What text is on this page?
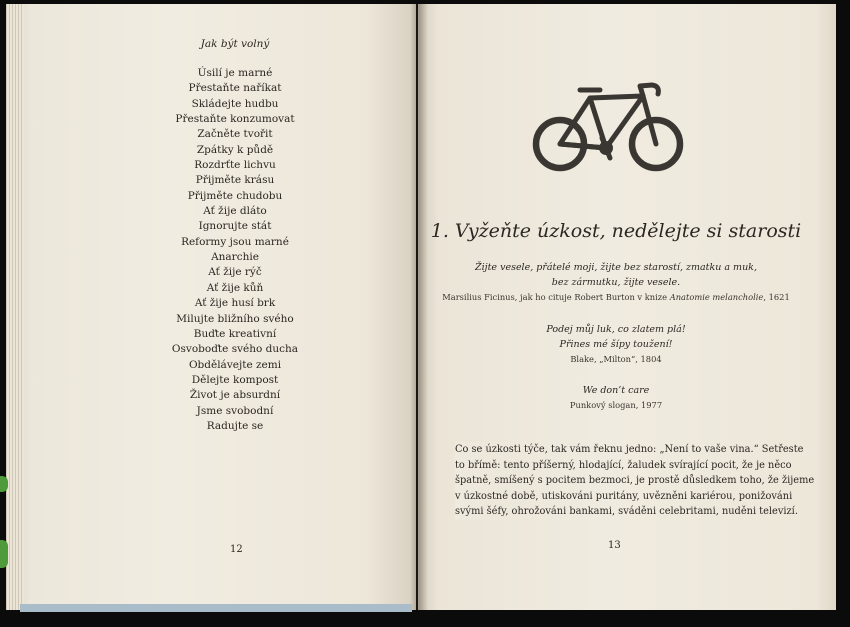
Jak být volný
Úsilí je marné
Přestaňte naříkat
Skládejte hudbu
Přestaňte konzumovat
Začněte tvořit
Zpátky k půdě
Rozdrťte lichvu
Přijměte krásu
Přijměte chudobu
Ať žije dláto
Ignorujte stát
Reformy jsou marné
Anarchie
Ať žije rýč
Ať žije kůň
Ať žije husí brk
Milujte bližního svého
Buďte kreativní
Osvoboďte svého ducha
Obdělávejte zemi
Dělejte kompost
Život je absurdní
Jsme svobodní
Radujte se
12
1. Vyžeňte úzkost, nedělejte si starosti
Žijte vesele, přátelé moji, žijte bez starostí, zmatku a muk,
bez zármutku, žijte vesele.
Marsilius Ficinus, jak ho cituje Robert Burton v knize Anatomie melancholie, 1621
Podej můj luk, co zlatem plá!
Přines mé šípy toužení!
Blake, „Milton“, 1804
We don’t care
Punkový slogan, 1977
Co se úzkosti týče, tak vám řeknu jedno: „Není to vaše vina.“ Setřeste
to břímě: tento příšerný, hlodající, žaludek svírající pocit, že je něco
špatně, smíšený s pocitem bezmoci, je prostě důsledkem toho, že žijeme
v úzkostné době, utiskováni puritány, uvězněni kariérou, ponižováni
svými šéfy, ohrožováni bankami, sváděni celebritami, nuděni televizí.
13
